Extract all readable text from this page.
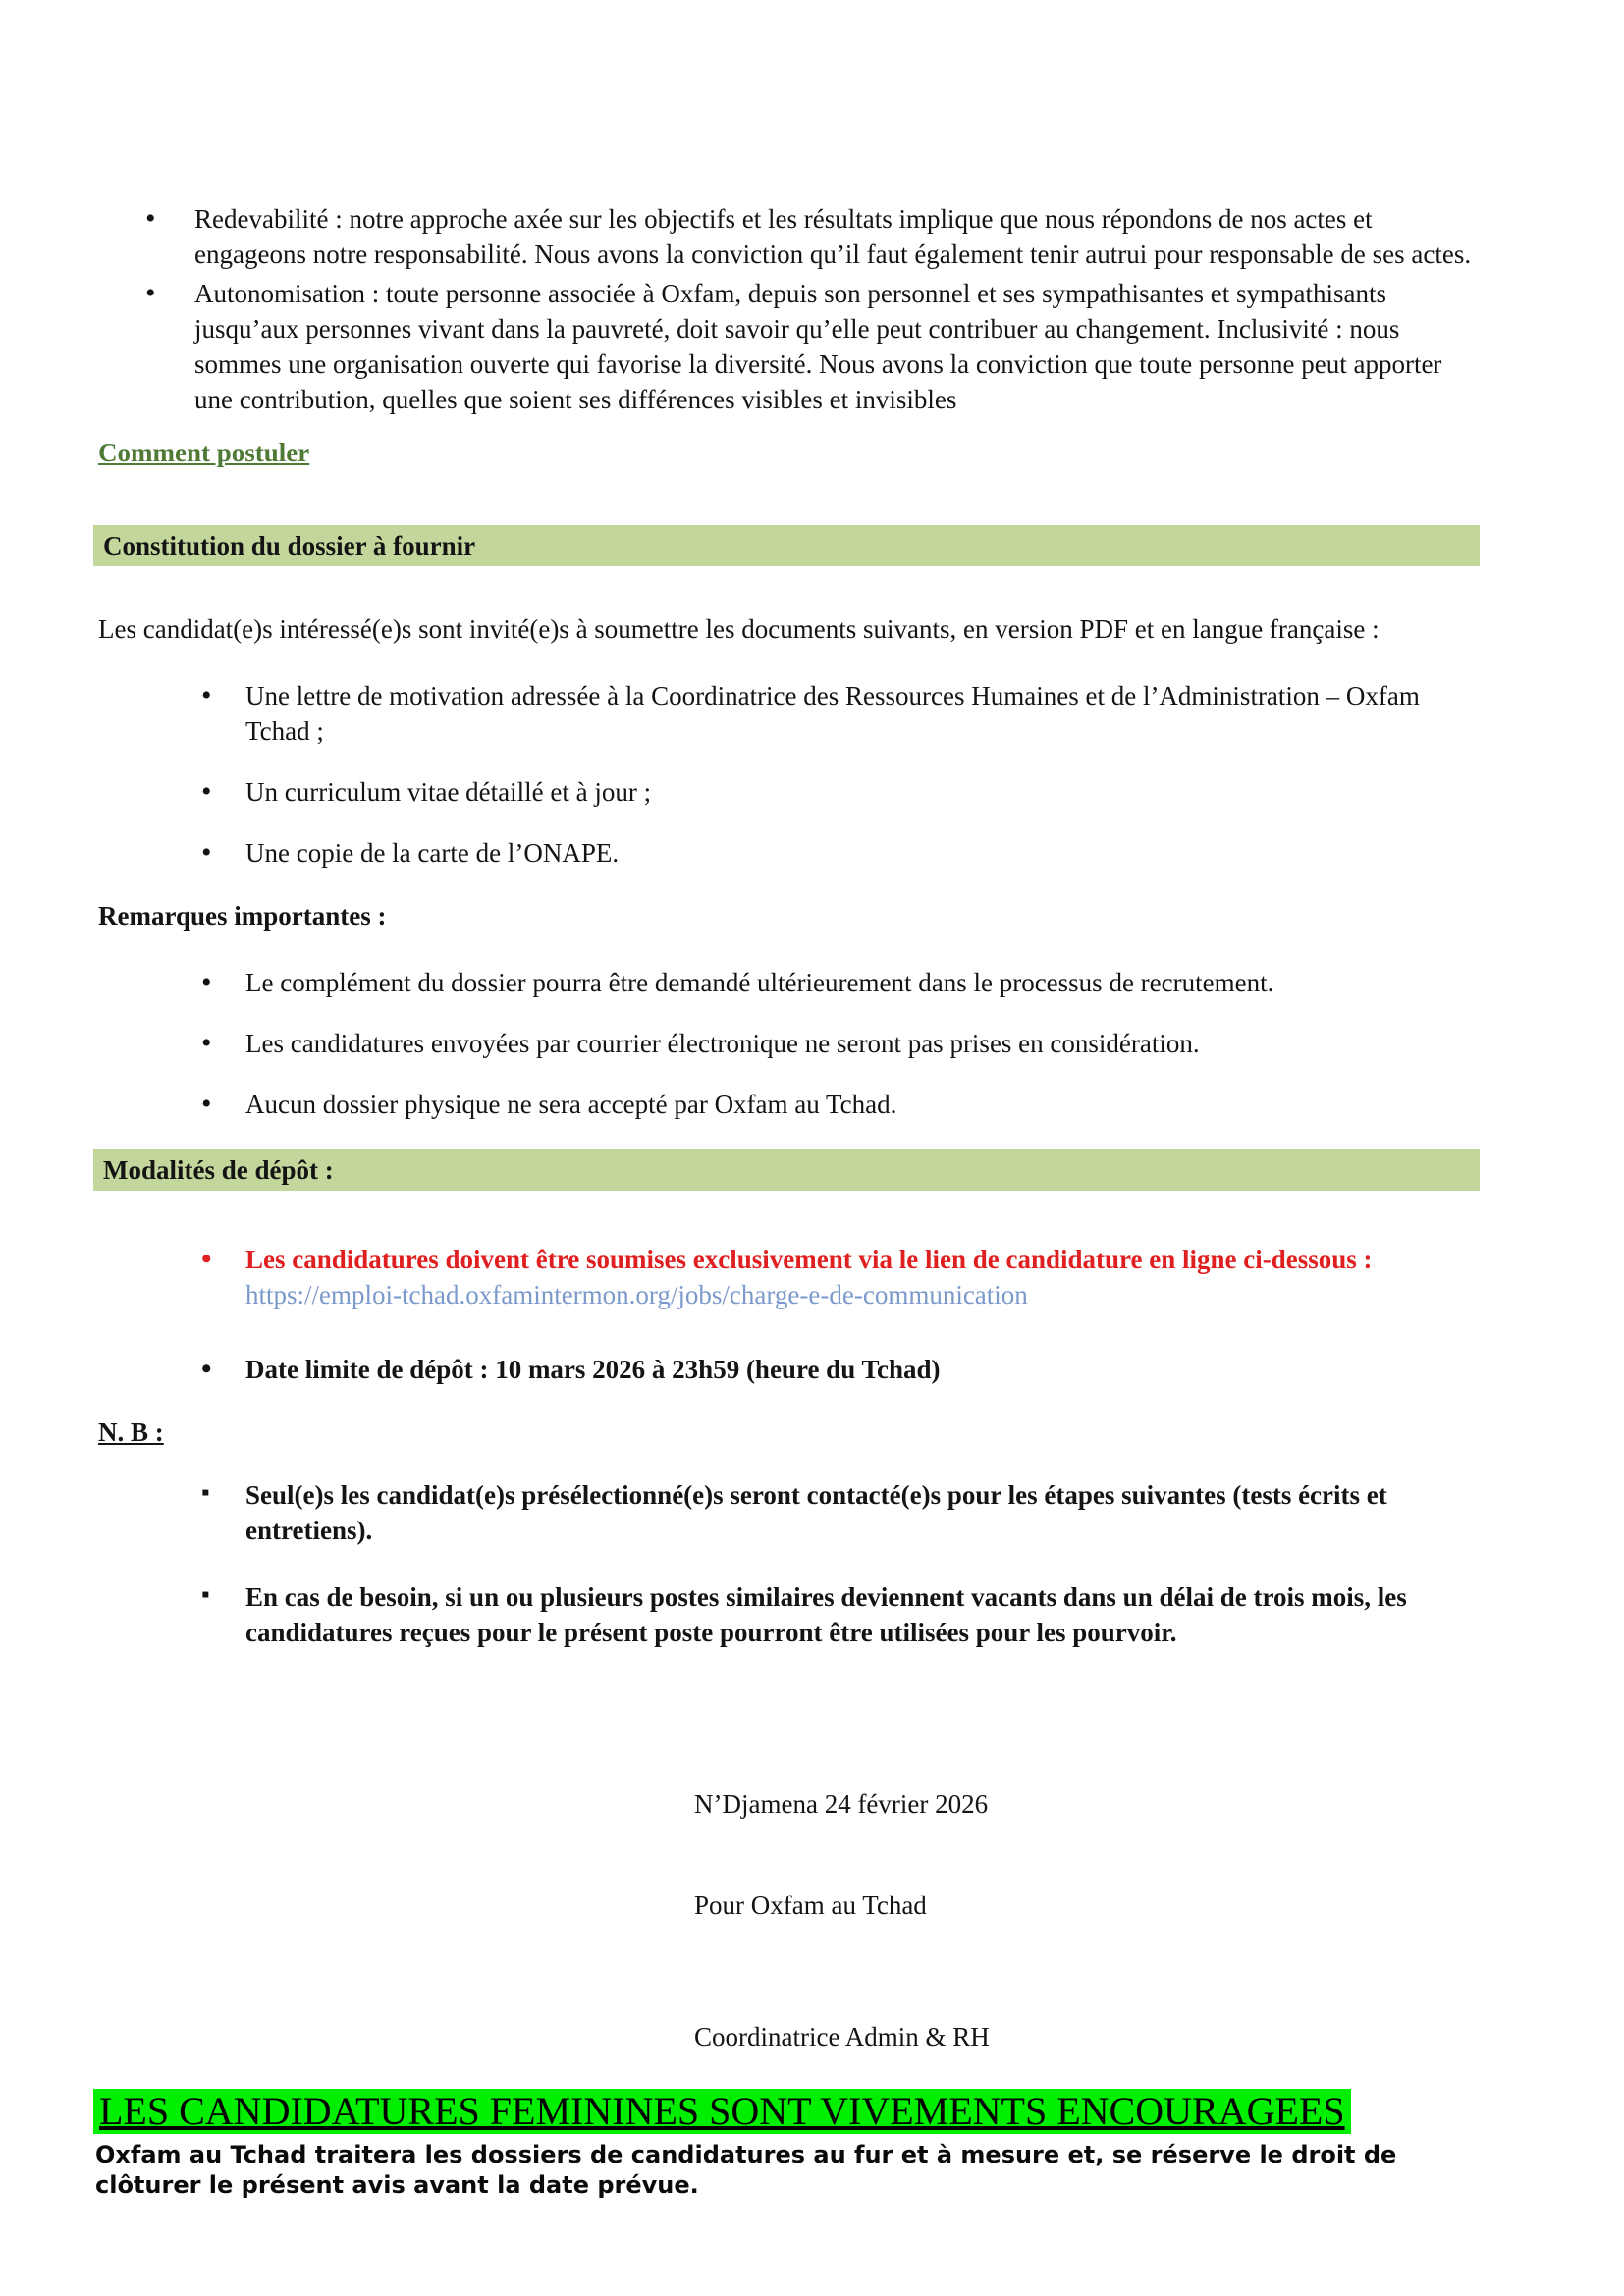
• Redevabilité : notre approche axée sur les objectifs et les résultats implique que nous répondons de nos actes et engageons notre responsabilité. Nous avons la conviction qu’il faut également tenir autrui pour responsable de ses actes.
• Autonomisation : toute personne associée à Oxfam, depuis son personnel et ses sympathisantes et sympathisants jusqu’aux personnes vivant dans la pauvreté, doit savoir qu’elle peut contribuer au changement. Inclusivité : nous sommes une organisation ouverte qui favorise la diversité. Nous avons la conviction que toute personne peut apporter une contribution, quelles que soient ses différences visibles et invisibles
Comment postuler
Constitution du dossier à fournir

Les candidat(e)s intéressé(e)s sont invité(e)s à soumettre les documents suivants, en version PDF et en langue française :

• Une lettre de motivation adressée à la Coordinatrice des Ressources Humaines et de l’Administration – Oxfam Tchad ;
• Un curriculum vitae détaillé et à jour ;
• Une copie de la carte de l’ONAPE.

Remarques importantes :

• Le complément du dossier pourra être demandé ultérieurement dans le processus de recrutement.
• Les candidatures envoyées par courrier électronique ne seront pas prises en considération.
• Aucun dossier physique ne sera accepté par Oxfam au Tchad.
Modalités de dépôt :
• Les candidatures doivent être soumises exclusivement via le lien de candidature en ligne ci-dessous : https://emploi-tchad.oxfamintermon.org/jobs/charge-e-de-communication
• Date limite de dépôt : 10 mars 2026 à 23h59 (heure du Tchad)

N. B :

▪ Seul(e)s les candidat(e)s présélectionné(e)s seront contacté(e)s pour les étapes suivantes (tests écrits et entretiens).
▪ En cas de besoin, si un ou plusieurs postes similaires deviennent vacants dans un délai de trois mois, les candidatures reçues pour le présent poste pourront être utilisées pour les pourvoir.

N’Djamena 24 février 2026

Pour Oxfam au Tchad

Coordinatrice Admin & RH

LES CANDIDATURES FEMININES SONT VIVEMENTS ENCOURAGEES

Oxfam au Tchad traitera les dossiers de candidatures au fur et à mesure et, se réserve le droit de clôturer le présent avis avant la date prévue.
